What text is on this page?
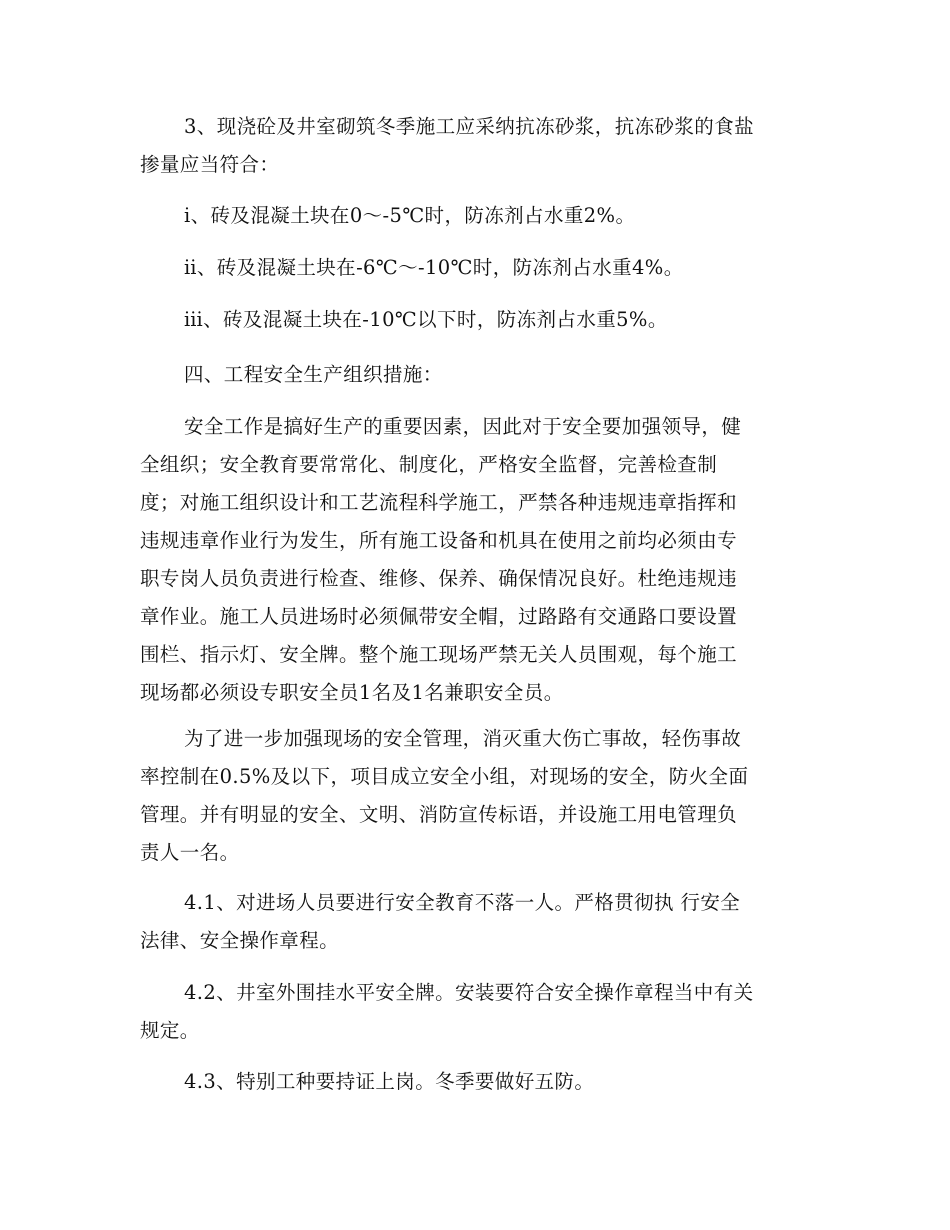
3、现浇砼及井室砌筑冬季施工应采纳抗冻砂浆，抗冻砂浆的食盐
掺量应当符合：
ⅰ、砖及混凝土块在0～-5℃时，防冻剂占水重2%。
ⅱ、砖及混凝土块在-6℃～-10℃时，防冻剂占水重4%。
ⅲ、砖及混凝土块在-10℃以下时，防冻剂占水重5%。
四、工程安全生产组织措施：
安全工作是搞好生产的重要因素，因此对于安全要加强领导，健
全组织；安全教育要常常化、制度化，严格安全监督，完善检查制
度；对施工组织设计和工艺流程科学施工，严禁各种违规违章指挥和
违规违章作业行为发生，所有施工设备和机具在使用之前均必须由专
职专岗人员负责进行检查、维修、保养、确保情况良好。杜绝违规违
章作业。施工人员进场时必须佩带安全帽，过路路有交通路口要设置
围栏、指示灯、安全牌。整个施工现场严禁无关人员围观，每个施工
现场都必须设专职安全员1名及1名兼职安全员。
为了进一步加强现场的安全管理，消灭重大伤亡事故，轻伤事故
率控制在0.5%及以下，项目成立安全小组，对现场的安全，防火全面
管理。并有明显的安全、文明、消防宣传标语，并设施工用电管理负
责人一名。
4.1、对进场人员要进行安全教育不落一人。严格贯彻执 行安全
法律、安全操作章程。
4.2、井室外围挂水平安全牌。安装要符合安全操作章程当中有关
规定。
4.3、特别工种要持证上岗。冬季要做好五防。
